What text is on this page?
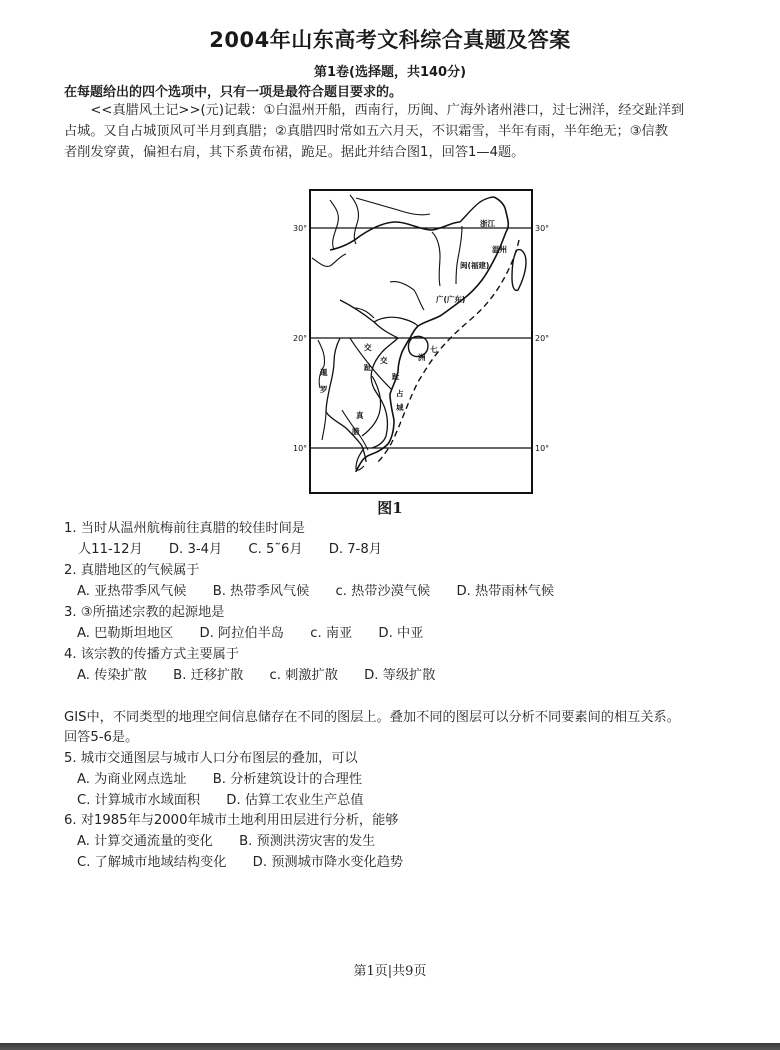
2004年山东高考文科综合真题及答案
第1卷(选择题，共140分)
在每题给出的四个选项中，只有一项是最符合题目要求的。
　　<<真腊风土记>>(元)记载：①白温州开船，西南行，历闽、广海外诸州港口，过七洲洋，经交趾洋到
占城。又自占城顶风可半月到真腊；②真腊四时常如五六月天，不识霜雪，半年有雨，半年绝无；③信教
者削发穿黄，偏袒右肩，其下系黄布裙，跪足。据此并结合图1，回答1—4题。
30°
20°
10°
30°
20°
10°
浙江
温州
闽(福建)
广(广东)
交
趾
交
趾
七
洲
暹
罗	占
城
真
腊
图1
1. 当时从温州航梅前往真腊的较佳时间是
人11-12月 D. 3-4月 C. 5˜6月 D. 7-8月
2. 真腊地区的气候属于
A. 亚热带季风气候 B. 热带季风气候 c. 热带沙漠气候 D. 热带雨林气候
3. ③所描述宗教的起源地是
A. 巴勒斯坦地区 D. 阿拉伯半岛 c. 南亚 D. 中亚
4. 该宗教的传播方式主要属于
A. 传染扩散 B. 迁移扩散 c. 刺激扩散 D. 等级扩散
GIS中，不同类型的地理空间信息储存在不同的图层上。叠加不同的图层可以分析不同要素间的相互关系。
回答5-6是。
5. 城市交通图层与城市人口分布图层的叠加，可以
A. 为商业网点选址 B. 分析建筑设计的合理性
C. 计算城市水域面积 D. 估算工农业生产总值
6. 对1985年与2000年城市土地利用田层进行分析，能够
A. 计算交通流量的变化 B. 预测洪涝灾害的发生
C. 了解城市地域结构变化 D. 预测城市降水变化趋势
第1页|共9页
